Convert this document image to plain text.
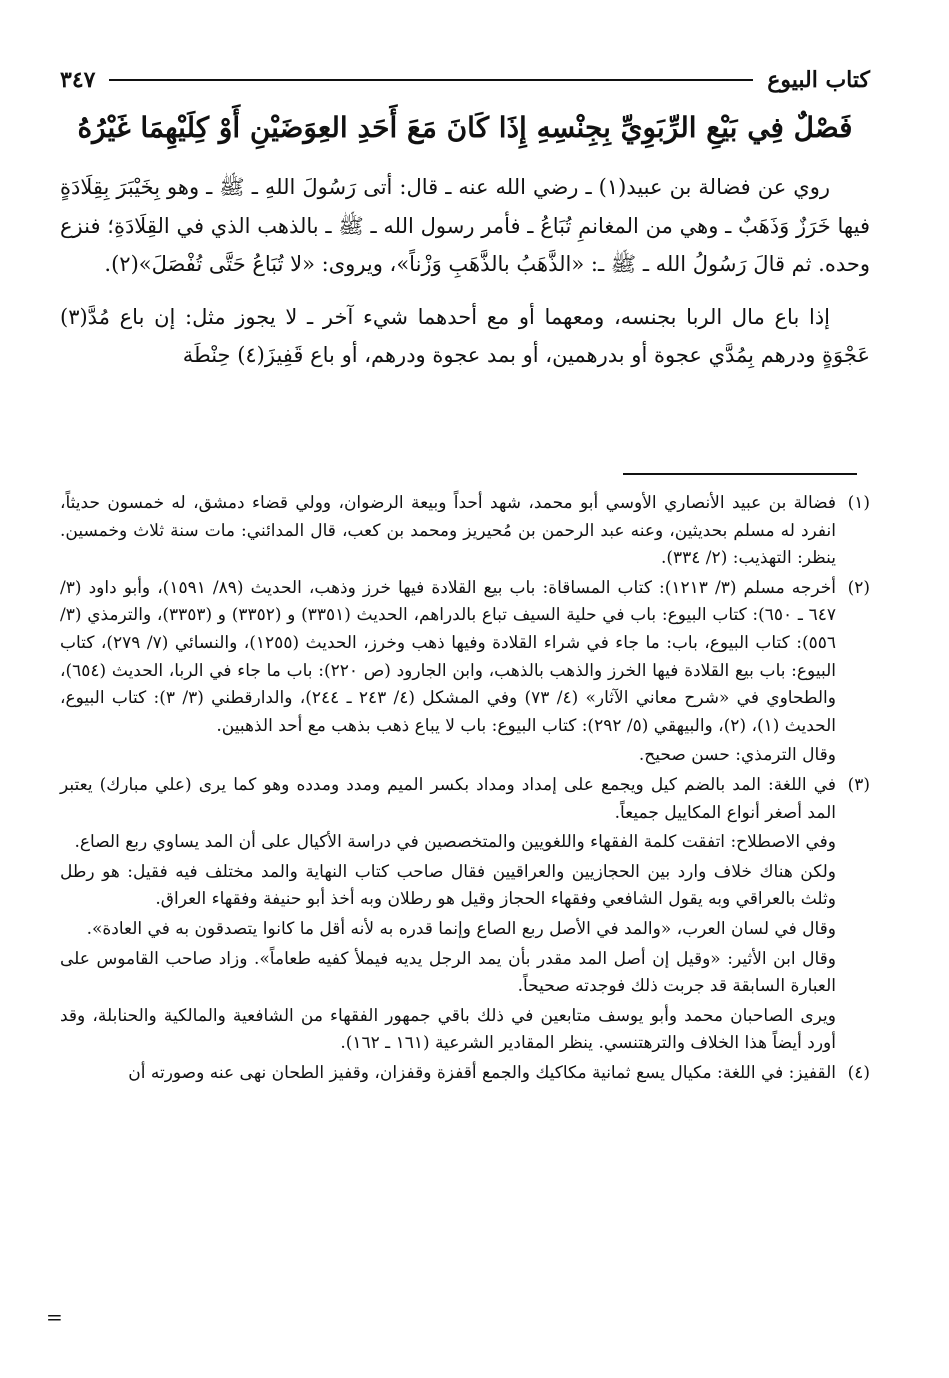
٣٤٧	كتاب البيوع
فَصْلٌ فِي بَيْعِ الرِّبَوِيِّ بِجِنْسِهِ إِذَا كَانَ مَعَ أَحَدِ العِوَضَيْنِ أَوْ كِلَيْهِمَا غَيْرُهُ

روي عن فضالة بن عبيد(١) ـ رضي الله عنه ـ قال: أتى رَسُولَ اللهِ ـ ﷺ ـ وهو بِخَيْبَرَ بِقِلَادَةٍ فيها خَرَزٌ وَذَهَبٌ ـ وهي من المغانمِ تُبَاعُ ـ فأمر رسول الله ـ ﷺ ـ بالذهب الذي في القِلَادَةِ؛ فنزع وحده. ثم قالَ رَسُولُ الله ـ ﷺ ـ: «الذَّهَبُ بالذَّهَبِ وَزْناً»، ويروى: «لا تُبَاعُ حَتَّى تُفْصَلَ»(٢).

إذا باع مال الربا بجنسه، ومعهما أو مع أحدهما شيء آخر ـ لا يجوز مثل: إن باع مُدَّ(٣) عَجْوَةٍ ودرهم بِمُدَّي عجوة أو بدرهمين، أو بمد عجوة ودرهم، أو باع قَفِيزَ(٤) حِنْطَة

(١)

فضالة بن عبيد الأنصاري الأوسي أبو محمد، شهد أحداً وبيعة الرضوان، وولي قضاء دمشق، له خمسون حديثاً، انفرد له مسلم بحديثين، وعنه عبد الرحمن بن مُحيريز ومحمد بن كعب، قال المدائني: مات سنة ثلاث وخمسين. ينظر: التهذيب: (٢/ ٣٣٤).

(٢)

أخرجه مسلم (٣/ ١٢١٣): كتاب المساقاة: باب بيع القلادة فيها خرز وذهب، الحديث (٨٩/ ١٥٩١)، وأبو داود (٣/ ٦٤٧ ـ ٦٥٠): كتاب البيوع: باب في حلية السيف تباع بالدراهم، الحديث (٣٣٥١) و (٣٣٥٢) و (٣٣٥٣)، والترمذي (٣/ ٥٥٦): كتاب البيوع، باب: ما جاء في شراء القلادة وفيها ذهب وخرز، الحديث (١٢٥٥)، والنسائي (٧/ ٢٧٩)، كتاب البيوع: باب بيع القلادة فيها الخرز والذهب بالذهب، وابن الجارود (ص ٢٢٠): باب ما جاء في الربا، الحديث (٦٥٤)، والطحاوي في «شرح معاني الآثار» (٤/ ٧٣) وفي المشكل (٤/ ٢٤٣ ـ ٢٤٤)، والدارقطني (٣/ ٣): كتاب البيوع، الحديث (١)، (٢)، والبيهقي (٥/ ٢٩٢): كتاب البيوع: باب لا يباع ذهب بذهب مع أحد الذهبين.

وقال الترمذي: حسن صحيح.

(٣)

في اللغة: المد بالضم كيل ويجمع على إمداد ومداد بكسر الميم ومدد ومدده وهو كما يرى (علي مبارك) يعتبر المد أصغر أنواع المكاييل جميعاً.

وفي الاصطلاح: اتفقت كلمة الفقهاء واللغويين والمتخصصين في دراسة الأكيال على أن المد يساوي ربع الصاع.

ولكن هناك خلاف وارد بين الحجازيين والعراقيين فقال صاحب كتاب النهاية والمد مختلف فيه فقيل: هو رطل وثلث بالعراقي وبه يقول الشافعي وفقهاء الحجاز وقيل هو رطلان وبه أخذ أبو حنيفة وفقهاء العراق.

وقال في لسان العرب، «والمد في الأصل ربع الصاع وإنما قدره به لأنه أقل ما كانوا يتصدقون به في العادة».

وقال ابن الأثير: «وقيل إن أصل المد مقدر بأن يمد الرجل يديه فيملأ كفيه طعاماً». وزاد صاحب القاموس على العبارة السابقة قد جربت ذلك فوجدته صحيحاً.

ويرى الصاحبان محمد وأبو يوسف متابعين في ذلك باقي جمهور الفقهاء من الشافعية والمالكية والحنابلة، وقد أورد أيضاً هذا الخلاف والترهتنسي. ينظر المقادير الشرعية (١٦١ ـ ١٦٢).

(٤)

القفيز: في اللغة: مكيال يسع ثمانية مكاكيك والجمع أقفزة وقفزان، وقفيز الطحان نهى عنه وصورته أن

=
